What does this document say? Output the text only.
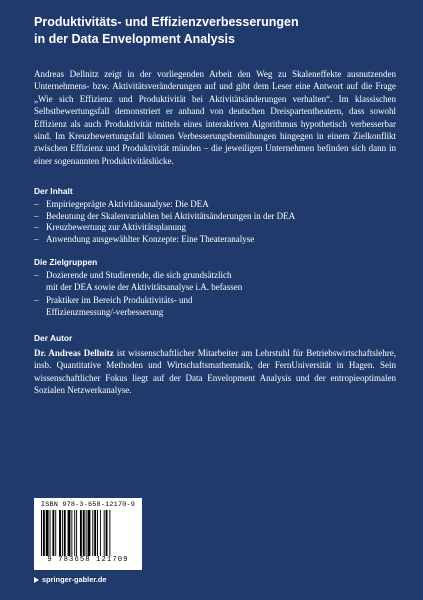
Produktivitäts- und Effizienzverbesserungen
in der Data Envelopment Analysis
Andreas Dellnitz zeigt in der vorliegenden Arbeit den Weg zu Skaleneffekte ausnutzenden Unternehmens- bzw. Aktivitätsveränderungen auf und gibt dem Leser eine Antwort auf die Frage „Wie sich Effizienz und Produktivität bei Aktivitätsänderungen verhalten“. Im klassischen Selbstbewertungsfall demonstriert er anhand von deutschen Dreispartentheatern, dass sowohl Effizienz als auch Produktivität mittels eines interaktiven Algorithmus hypothetisch verbesserbar sind. Im Kreuzbewertungsfall können Verbesserungsbemühungen hingegen in einem Zielkonflikt zwischen Effizienz und Produktivität münden – die jeweiligen Unternehmen befinden sich dann in einer sogenannten Produktivitätslücke.
Der Inhalt
– Empiriegeprägte Aktivitätsanalyse: Die DEA
– Bedeutung der Skalenvariablen bei Aktivitätsänderungen in der DEA
– Kreuzbewertung zur Aktivitätsplanung
– Anwendung ausgewählter Konzepte: Eine Theateranalyse
Die Zielgruppen
– Dozierende und Studierende, die sich grundsätzlich
mit der DEA sowie der Aktivitätsanalyse i.A. befassen
– Praktiker im Bereich Produktivitäts- und
Effizienzmessung/-verbesserung
Der Autor
Dr. Andreas Dellnitz ist wissenschaftlicher Mitarbeiter am Lehrstuhl für Betriebswirtschaftslehre, insb. Quantitative Methoden und Wirtschaftsmathematik, der FernUniversität in Hagen. Sein wissenschaftlicher Fokus liegt auf der Data Envelopment Analysis und der entropieoptimalen Sozialen Netzwerkanalyse.
ISBN 978-3-658-12170-9
9 783658 121709
springer-gabler.de
